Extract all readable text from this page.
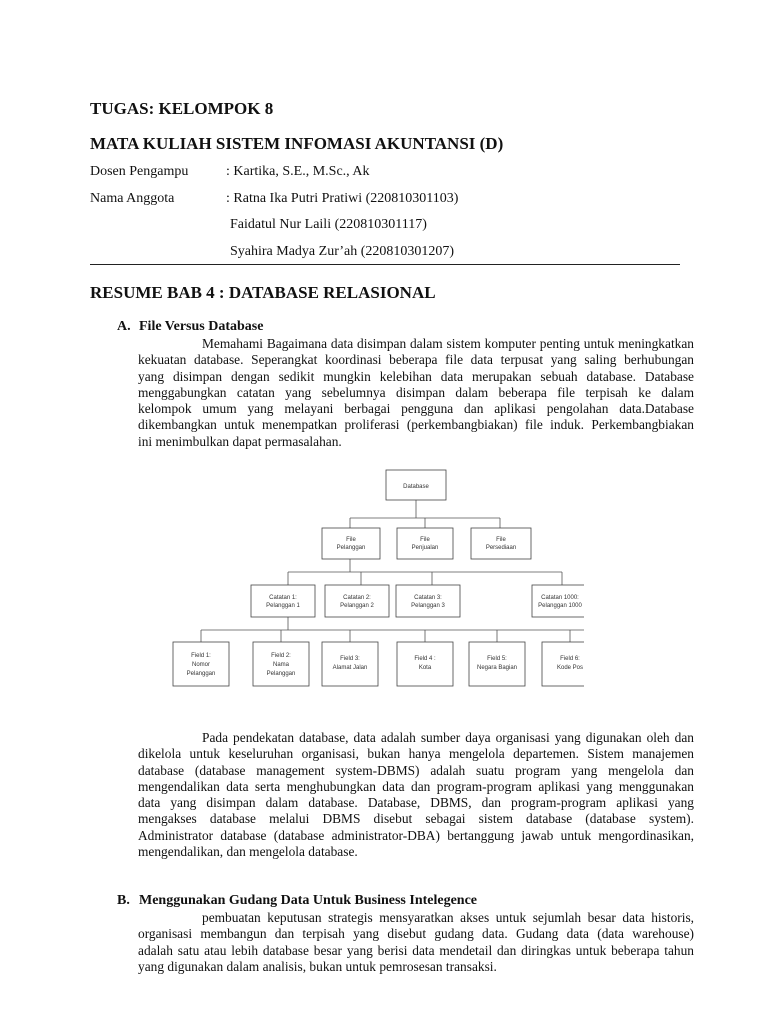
TUGAS: KELOMPOK 8
MATA KULIAH SISTEM INFOMASI AKUNTANSI (D)
Dosen Pengampu	: Kartika, S.E., M.Sc., Ak
Nama Anggota	: Ratna Ika Putri Pratiwi (220810301103)
Faidatul Nur Laili (220810301117)
Syahira Madya Zur’ah (220810301207)
RESUME BAB 4 : DATABASE RELASIONAL
A. File Versus Database
Memahami Bagaimana data disimpan dalam sistem komputer penting untuk meningkatkan
kekuatan database. Seperangkat koordinasi beberapa file data terpusat yang saling berhubungan
yang disimpan dengan sedikit mungkin kelebihan data merupakan sebuah database. Database
menggabungkan catatan yang sebelumnya disimpan dalam beberapa file terpisah ke dalam
kelompok umum yang melayani berbagai pengguna dan aplikasi pengolahan data.Database
dikembangkan untuk menempatkan proliferasi (perkembangbiakan) file induk. Perkembangbiakan
ini menimbulkan dapat permasalahan.
Database
File
Pelanggan
File
Penjualan
File
Persediaan
Catatan 1:
Pelanggan 1
Catatan 2:
Pelanggan 2
Catatan 3:
Pelanggan 3
Catatan 1000:
Pelanggan 1000
Field 1:
Nomor
Pelanggan
Field 2:
Nama
Pelanggan
Field 3:
Alamat Jalan
Field 4 :
Kota
Field 5:
Negara Bagian
Field 6:
Kode Pos
Pada pendekatan database, data adalah sumber daya organisasi yang digunakan oleh dan
dikelola untuk keseluruhan organisasi, bukan hanya mengelola departemen. Sistem manajemen
database (database management system-DBMS) adalah suatu program yang mengelola dan
mengendalikan data serta menghubungkan data dan program-program aplikasi yang menggunakan
data yang disimpan dalam database. Database, DBMS, dan program-program aplikasi yang
mengakses database melalui DBMS disebut sebagai sistem database (database system).
Administrator database (database administrator-DBA) bertanggung jawab untuk mengordinasikan,
mengendalikan, dan mengelola database.
B. Menggunakan Gudang Data Untuk Business Intelegence
pembuatan keputusan strategis mensyaratkan akses untuk sejumlah besar data historis,
organisasi membangun dan terpisah yang disebut gudang data. Gudang data (data warehouse)
adalah satu atau lebih database besar yang berisi data mendetail dan diringkas untuk beberapa tahun
yang digunakan dalam analisis, bukan untuk pemrosesan transaksi.
